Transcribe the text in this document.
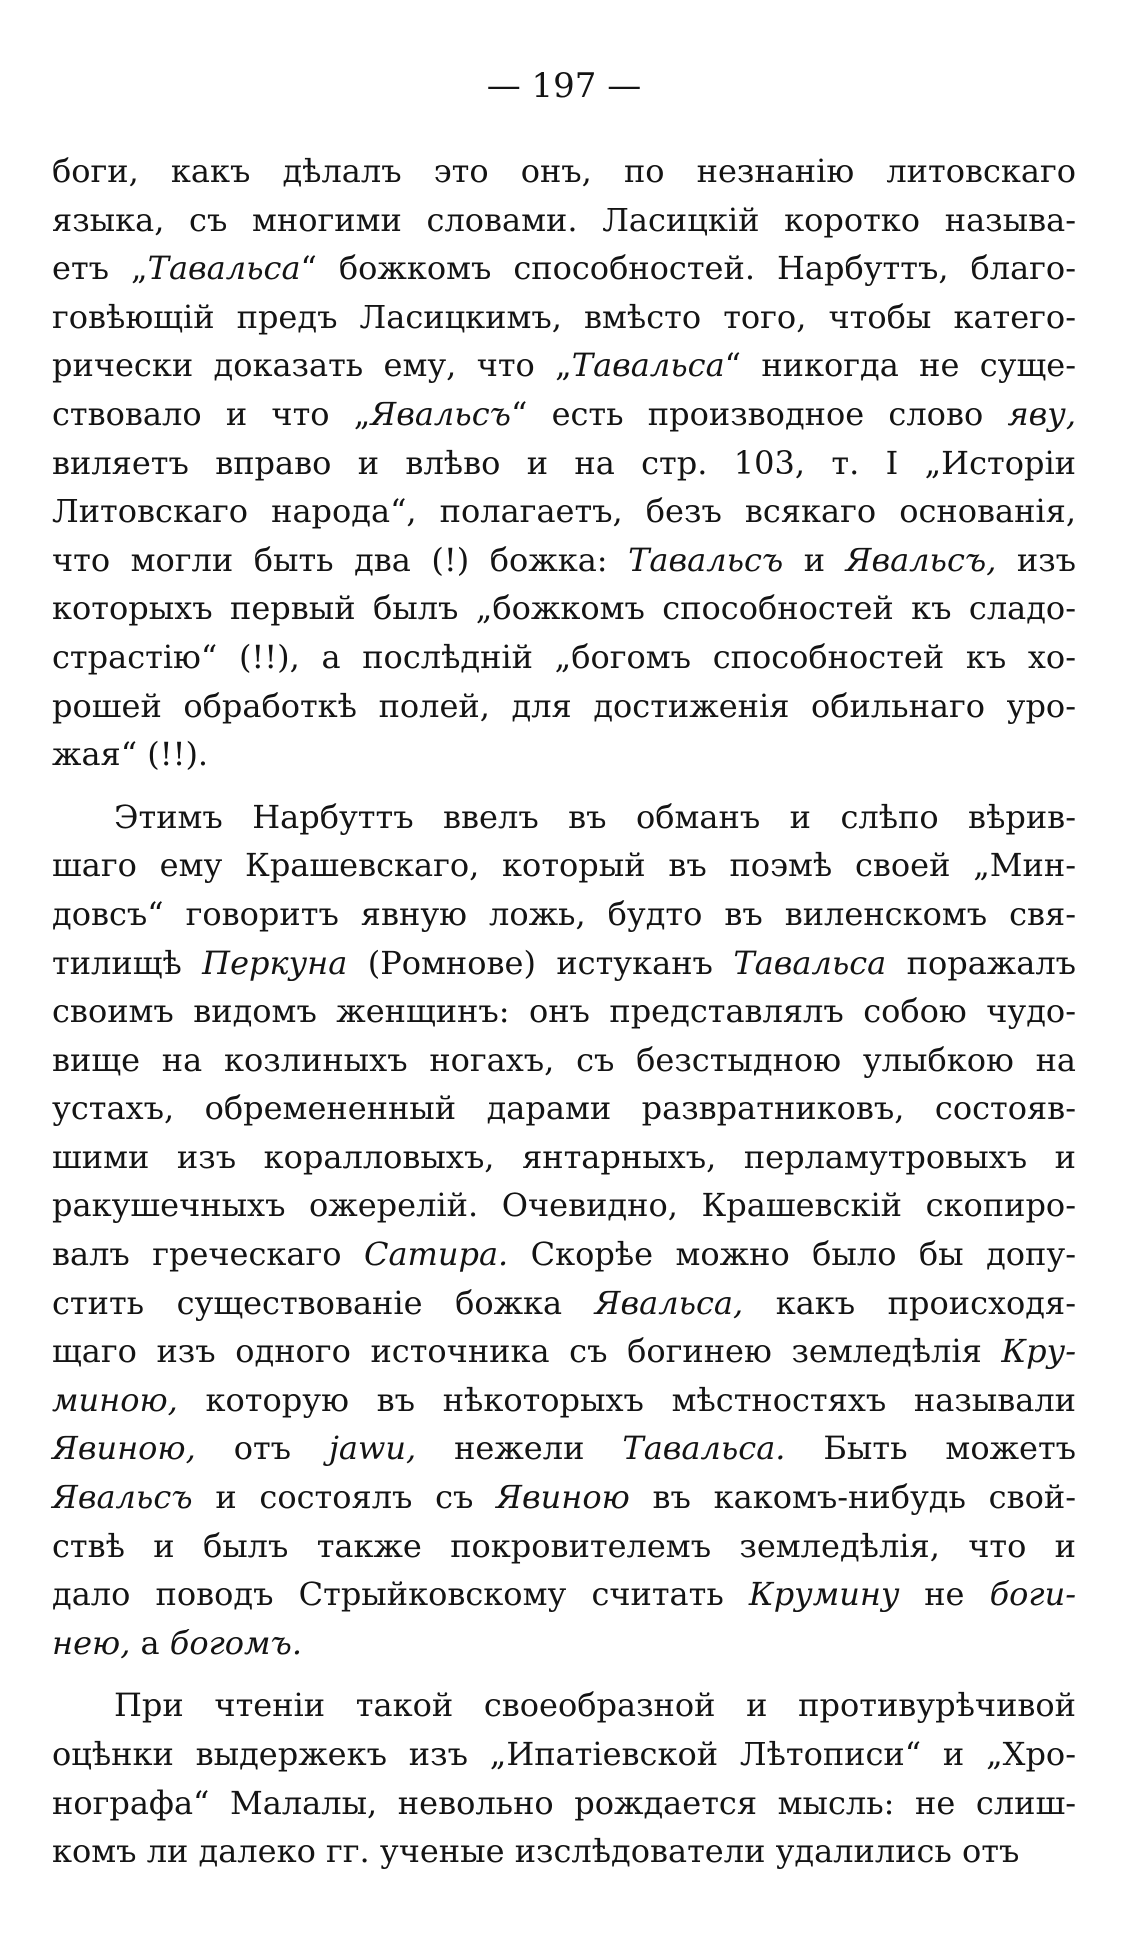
— 197 —
боги, какъ дѣлалъ это онъ, по незнанію литовскаго
языка, съ многими словами. Ласицкій коротко называ-
етъ „Тавальса“ божкомъ способностей. Нарбуттъ, благо-
говѣющій предъ Ласицкимъ, вмѣсто того, чтобы катего-
рически доказать ему, что „Тавальса“ никогда не суще-
ствовало и что „Явальсъ“ есть производное слово яву,
виляетъ вправо и влѣво и на стр. 103, т. I „Исторіи
Литовскаго народа“, полагаетъ, безъ всякаго основанія,
что могли быть два (!) божка: Тавальсъ и Явальсъ, изъ
которыхъ первый былъ „божкомъ способностей къ сладо-
страстію“ (!!), а послѣдній „богомъ способностей къ хо-
рошей обработкѣ полей, для достиженія обильнаго уро-
жая“ (!!).
Этимъ Нарбуттъ ввелъ въ обманъ и слѣпо вѣрив-
шаго ему Крашевскаго, который въ поэмѣ своей „Мин-
довсъ“ говоритъ явную ложь, будто въ виленскомъ свя-
тилищѣ Перкуна (Ромнове) истуканъ Тавальса поражалъ
своимъ видомъ женщинъ: онъ представлялъ собою чудо-
вище на козлиныхъ ногахъ, съ безстыдною улыбкою на
устахъ, обремененный дарами развратниковъ, состояв-
шими изъ кораллoвыхъ, янтарныхъ, перламутровыхъ и
ракушечныхъ ожерелій. Очевидно, Крашевскій скопиро-
валъ греческаго Сатира. Скорѣе можно было бы допу-
стить существованіе божка Явальса, какъ происходя-
щаго изъ одного источника съ богинею земледѣлія Кру-
миною, которую въ нѣкоторыхъ мѣстностяхъ называли
Явиною, отъ jawu, нежели Тавальса. Быть можетъ
Явальсъ и состоялъ съ Явиною въ какомъ-нибудь свой-
ствѣ и былъ также покровителемъ земледѣлія, что и
дало поводъ Стрыйковскому считать Круминy не боги-
нею, а богомъ.
При чтеніи такой своеобразной и противурѣчивой
оцѣнки выдержекъ изъ „Ипатіевской Лѣтописи“ и „Хро-
нографа“ Малалы, невольно рождается мысль: не слиш-
комъ ли далеко гг. ученые изслѣдователи удалились отъ
